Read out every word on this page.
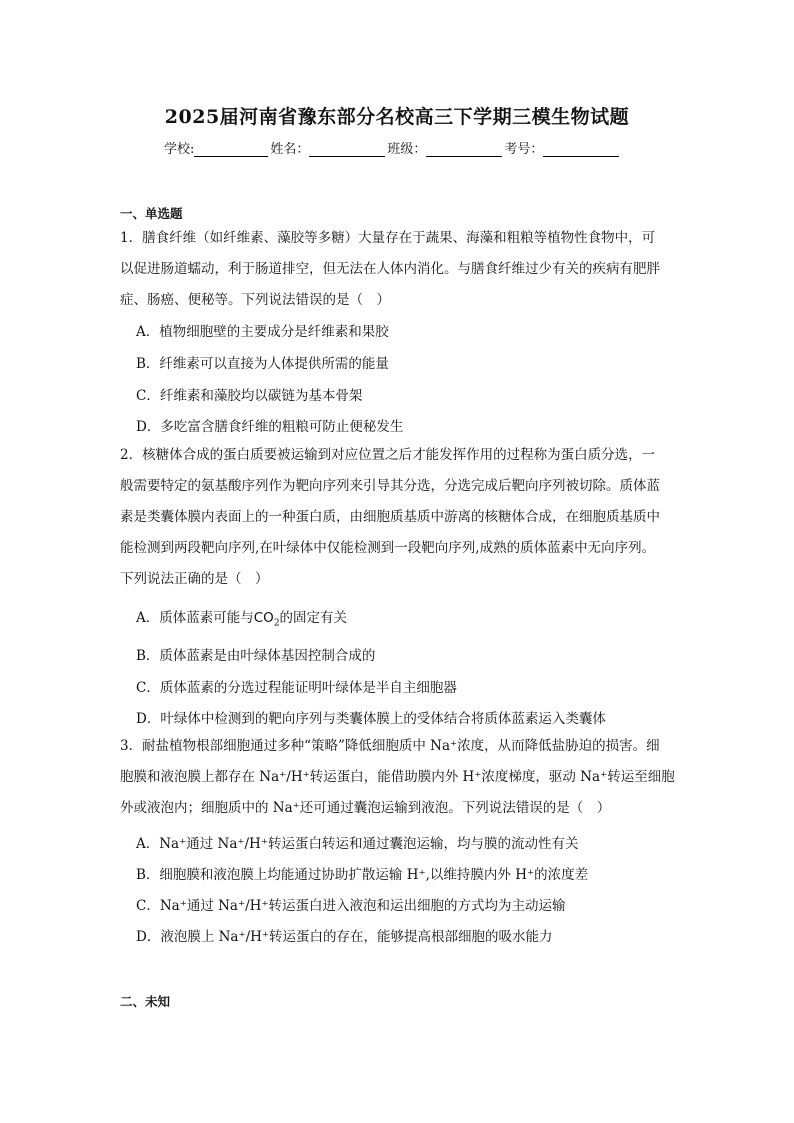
2025届河南省豫东部分名校高三下学期三模生物试题
学校:	姓名：	班级：	考号：
一、单选题
1．膳食纤维（如纤维素、藻胶等多糖）大量存在于蔬果、海藻和粗粮等植物性食物中，可
以促进肠道蠕动，利于肠道排空，但无法在人体内消化。与膳食纤维过少有关的疾病有肥胖
症、肠癌、便秘等。下列说法错误的是（　）
A．植物细胞壁的主要成分是纤维素和果胶
B．纤维素可以直接为人体提供所需的能量
C．纤维素和藻胶均以碳链为基本骨架
D．多吃富含膳食纤维的粗粮可防止便秘发生
2．核糖体合成的蛋白质要被运输到对应位置之后才能发挥作用的过程称为蛋白质分选，一
般需要特定的氨基酸序列作为靶向序列来引导其分选，分选完成后靶向序列被切除。质体蓝
素是类囊体膜内表面上的一种蛋白质，由细胞质基质中游离的核糖体合成，在细胞质基质中
能检测到两段靶向序列,在叶绿体中仅能检测到一段靶向序列,成熟的质体蓝素中无向序列。
下列说法正确的是（　）
A．质体蓝素可能与$CO_2$的固定有关
B．质体蓝素是由叶绿体基因控制合成的
C．质体蓝素的分选过程能证明叶绿体是半自主细胞器
D．叶绿体中检测到的靶向序列与类囊体膜上的受体结合将质体蓝素运入类囊体
3．耐盐植物根部细胞通过多种“策略”降低细胞质中 Na⁺浓度，从而降低盐胁迫的损害。细
胞膜和液泡膜上都存在 Na⁺/H⁺转运蛋白，能借助膜内外 H⁺浓度梯度，驱动 Na⁺转运至细胞
外或液泡内；细胞质中的 Na⁺还可通过囊泡运输到液泡。下列说法错误的是（　）
A．Na⁺通过 Na⁺/H⁺转运蛋白转运和通过囊泡运输，均与膜的流动性有关
B．细胞膜和液泡膜上均能通过协助扩散运输 H⁺,以维持膜内外 H⁺的浓度差
C．Na⁺通过 Na⁺/H⁺转运蛋白进入液泡和运出细胞的方式均为主动运输
D．液泡膜上 Na⁺/H⁺转运蛋白的存在，能够提高根部细胞的吸水能力
二、未知
